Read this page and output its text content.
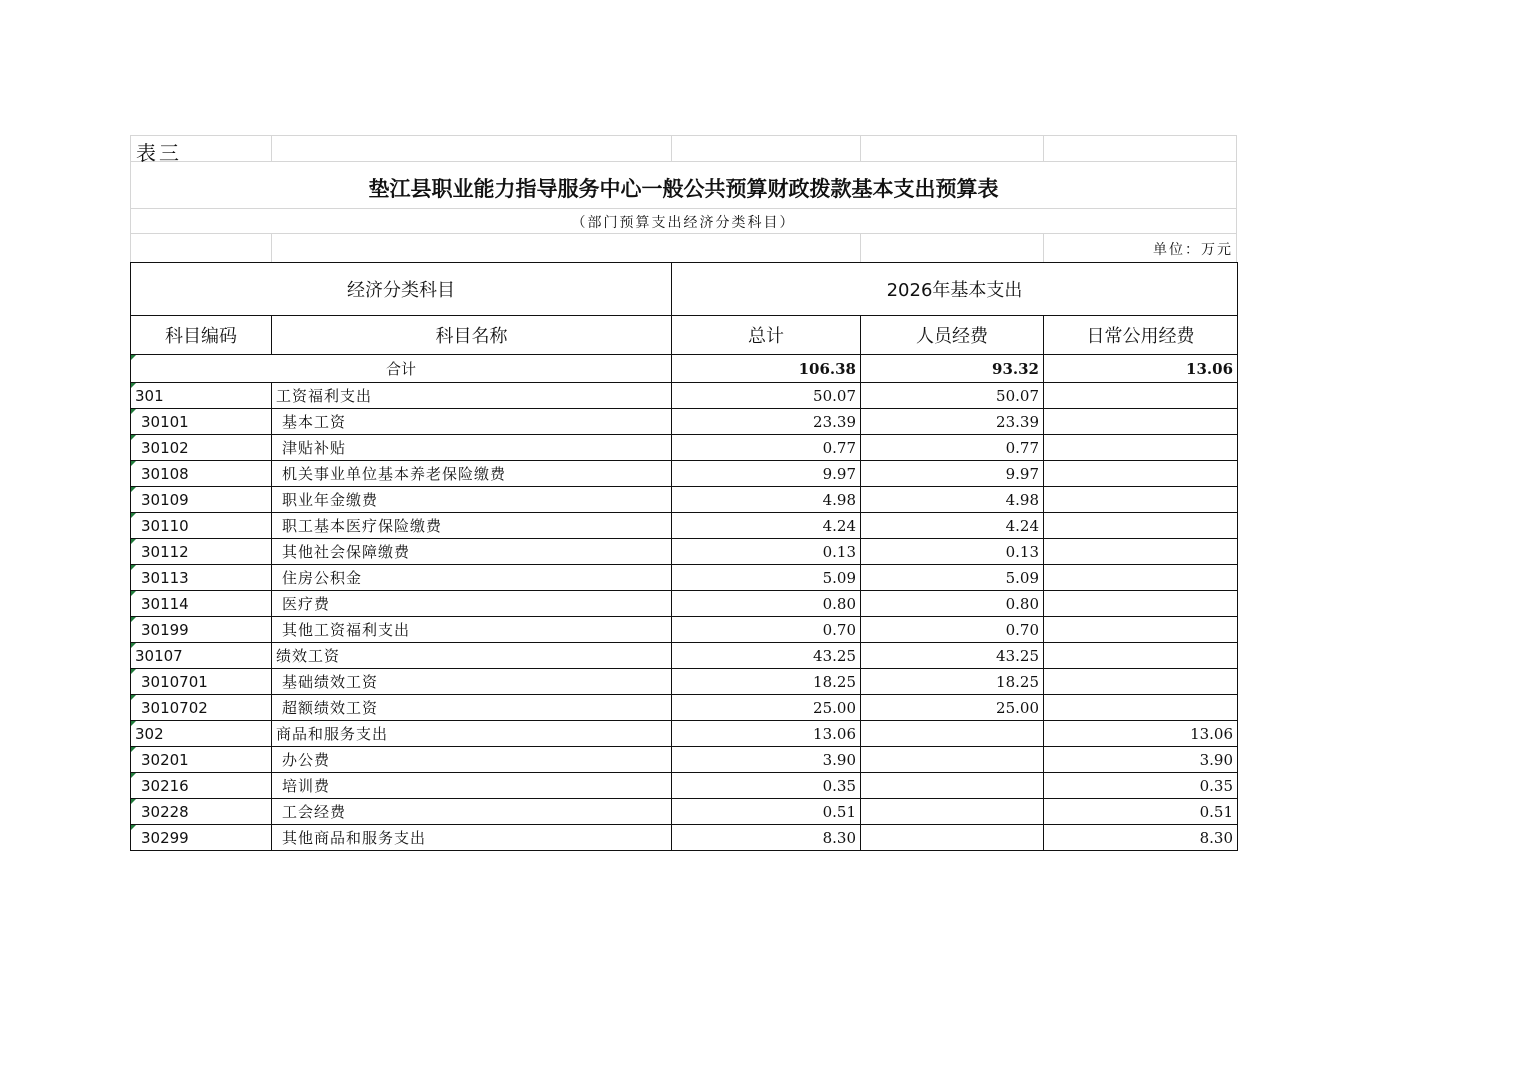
表三
垫江县职业能力指导服务中心一般公共预算财政拨款基本支出预算表
（部门预算支出经济分类科目）
单位：万元
经济分类科目		2026年基本支出		
科目编码	科目名称	总计	人员经费	日常公用经费

合计		106.38	93.32	13.06

301	工资福利支出	50.07	50.07	

30101	基本工资	23.39	23.39	

30102	津贴补贴	0.77	0.77	

30108	机关事业单位基本养老保险缴费	9.97	9.97	

30109	职业年金缴费	4.98	4.98	

30110	职工基本医疗保险缴费	4.24	4.24	

30112	其他社会保障缴费	0.13	0.13	

30113	住房公积金	5.09	5.09	

30114	医疗费	0.80	0.80	

30199	其他工资福利支出	0.70	0.70	

30107	绩效工资	43.25	43.25	

3010701	基础绩效工资	18.25	18.25	

3010702	超额绩效工资	25.00	25.00	

302	商品和服务支出	13.06		13.06

30201	办公费	3.90		3.90

30216	培训费	0.35		0.35

30228	工会经费	0.51		0.51

30299	其他商品和服务支出	8.30		8.30
